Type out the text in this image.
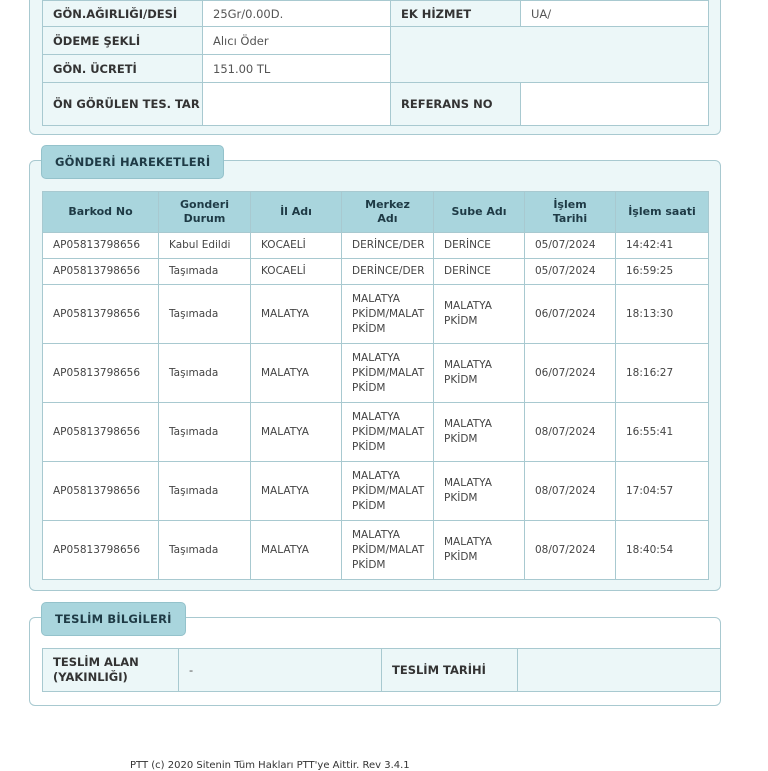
GÖN.AĞIRLIĞI/DESİ	25Gr/0.00D.	EK HİZMET	UA/
ÖDEME ŞEKLİ	Alıcı Öder		
GÖN. ÜCRETİ	151.00 TL		
ÖN GÖRÜLEN TES. TAR		REFERANS NO	
Barkod No	Gonderi Durum	İl Adı	Merkez Adı	Sube Adı	İşlem Tarihi	İşlem saati
AP05813798656	Kabul Edildi	KOCAELİ	DERİNCE/DER	DERİNCE	05/07/2024	14:42:41
AP05813798656	Taşımada	KOCAELİ	DERİNCE/DER	DERİNCE	05/07/2024	16:59:25
AP05813798656	Taşımada	MALATYA	MALATYA PKİDM/MALAT PKİDM	MALATYA PKİDM	06/07/2024	18:13:30
AP05813798656	Taşımada	MALATYA	MALATYA PKİDM/MALAT PKİDM	MALATYA PKİDM	06/07/2024	18:16:27
AP05813798656	Taşımada	MALATYA	MALATYA PKİDM/MALAT PKİDM	MALATYA PKİDM	08/07/2024	16:55:41
AP05813798656	Taşımada	MALATYA	MALATYA PKİDM/MALAT PKİDM	MALATYA PKİDM	08/07/2024	17:04:57
AP05813798656	Taşımada	MALATYA	MALATYA PKİDM/MALAT PKİDM	MALATYA PKİDM	08/07/2024	18:40:54
GÖNDERİ HAREKETLERİ
TESLİM ALAN (YAKINLIĞI)	-	TESLİM TARİHİ	
TESLİM BİLGİLERİ
PTT (c) 2020 Sitenin Tüm Hakları PTT'ye Aittir. Rev 3.4.1
